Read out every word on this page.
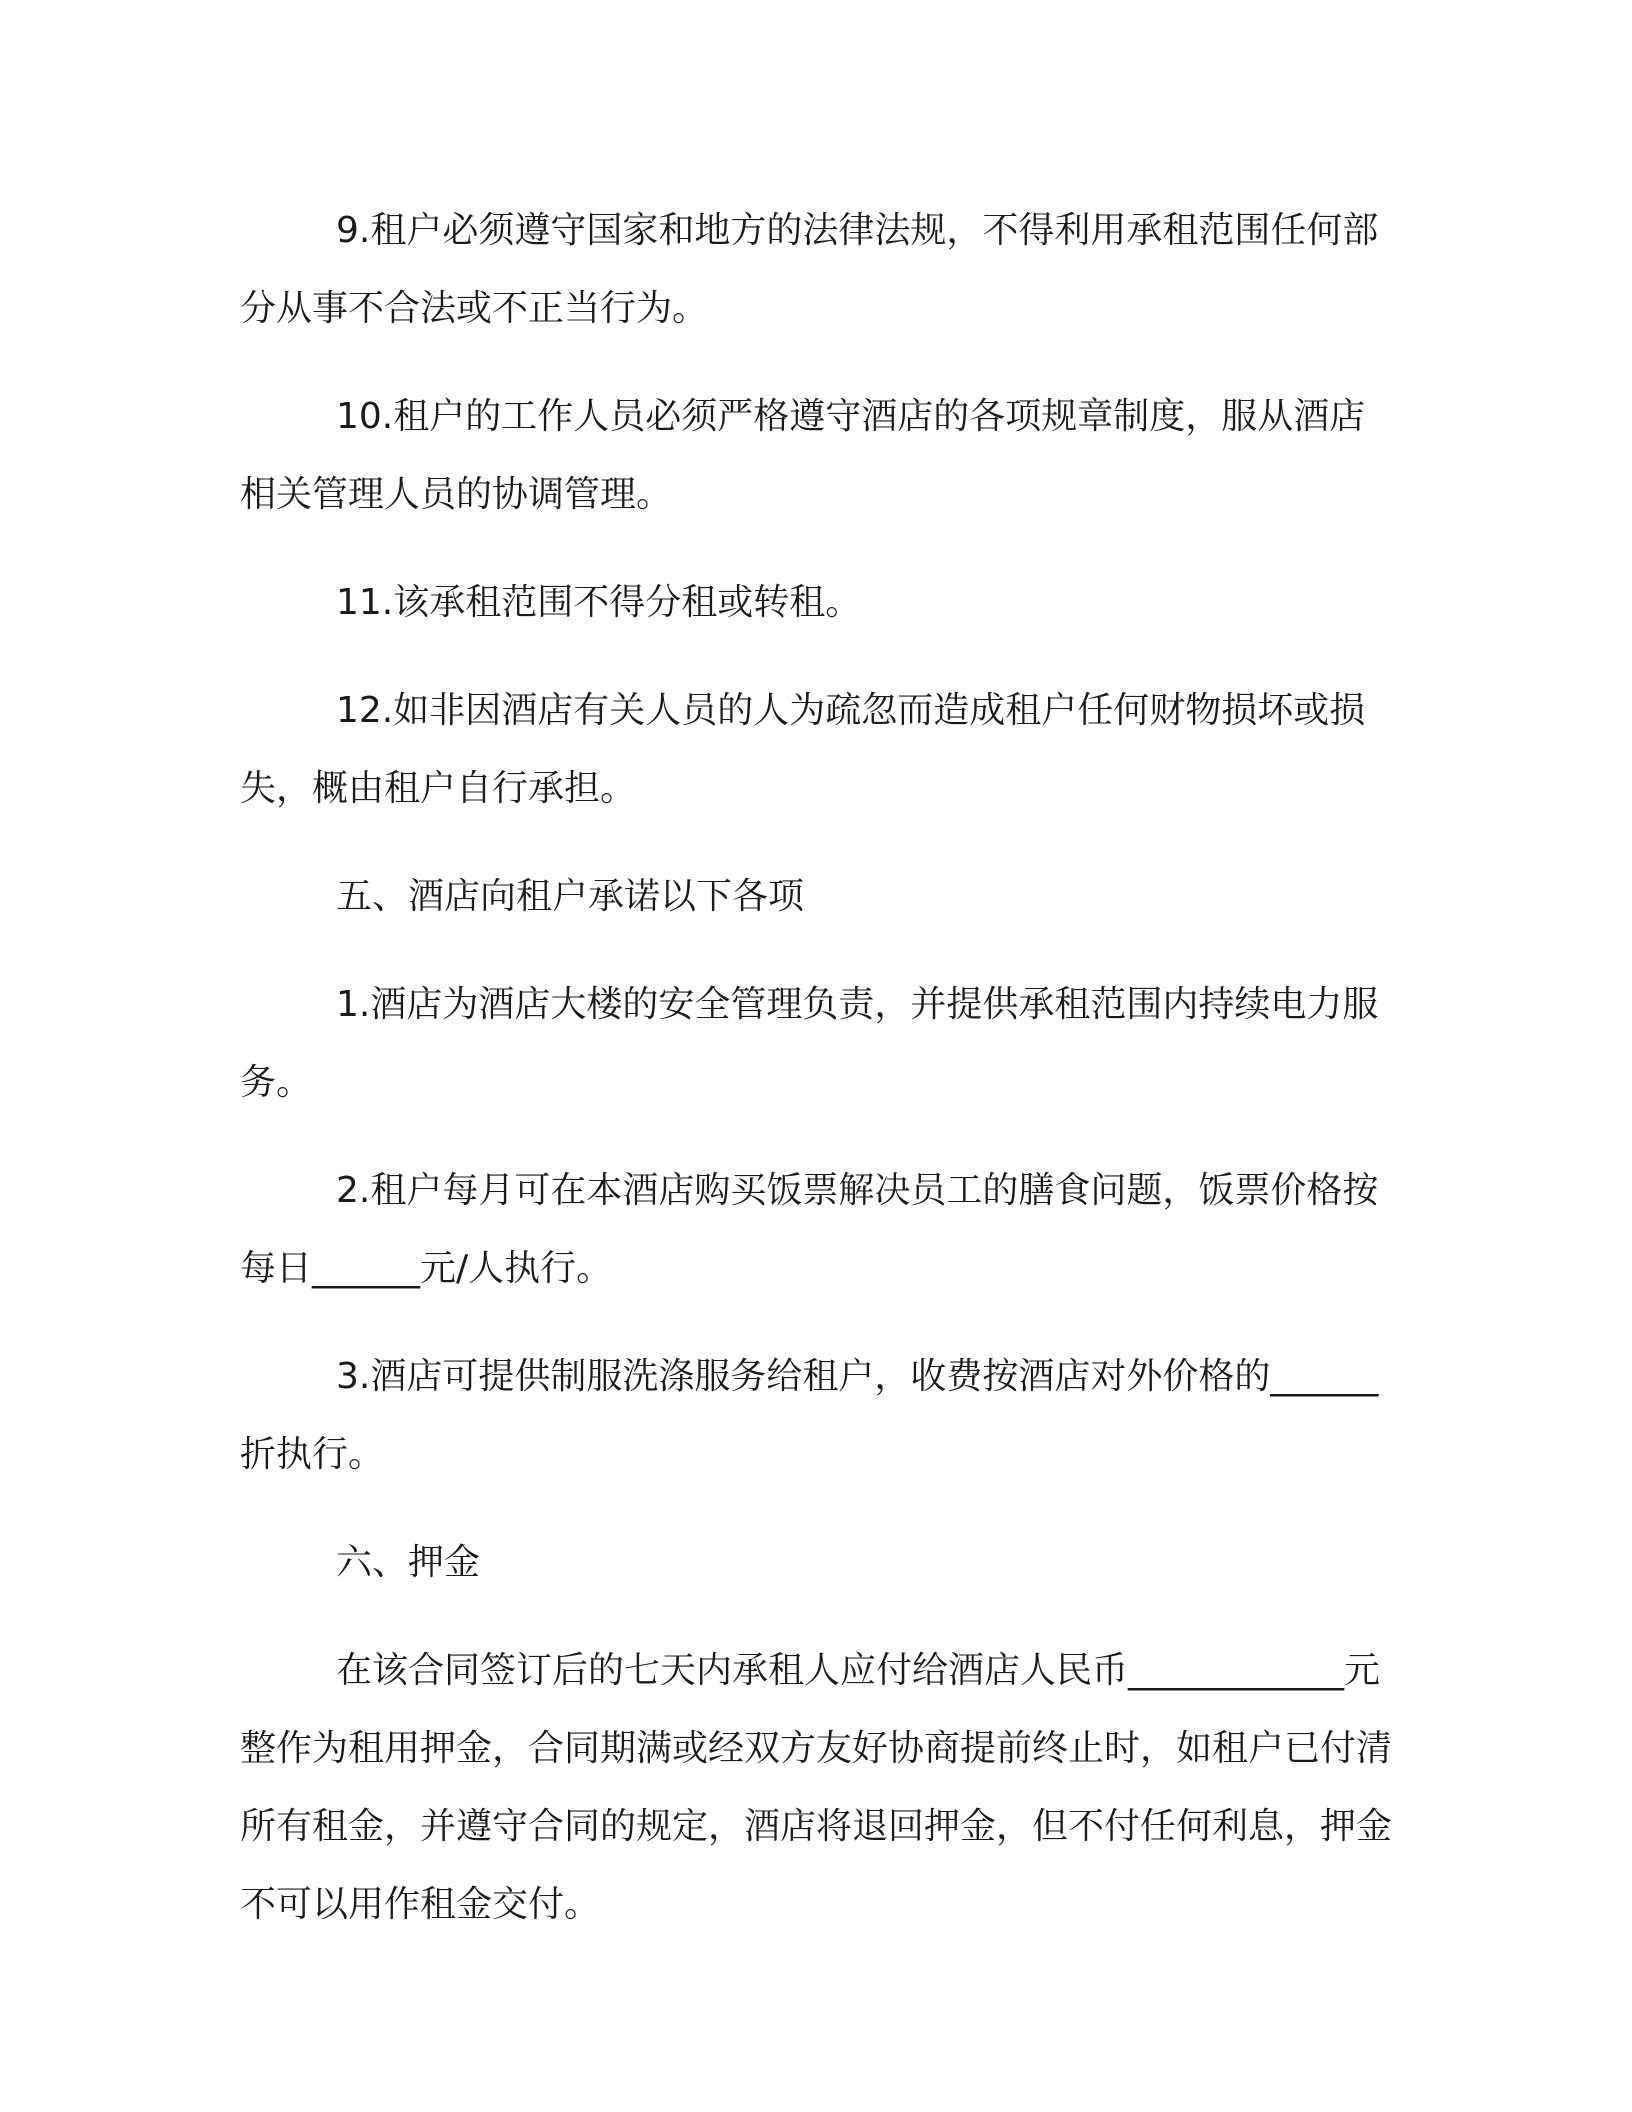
9.租户必须遵守国家和地方的法律法规，不得利用承租范围任何部分从事不合法或不正当行为。

10.租户的工作人员必须严格遵守酒店的各项规章制度，服从酒店相关管理人员的协调管理。

11.该承租范围不得分租或转租。

12.如非因酒店有关人员的人为疏忽而造成租户任何财物损坏或损失，概由租户自行承担。

五、酒店向租户承诺以下各项

1.酒店为酒店大楼的安全管理负责，并提供承租范围内持续电力服务。

2.租户每月可在本酒店购买饭票解决员工的膳食问题，饭票价格按每日______元/人执行。

3.酒店可提供制服洗涤服务给租户，收费按酒店对外价格的______折执行。

六、押金

在该合同签订后的七天内承租人应付给酒店人民币____________元整作为租用押金，合同期满或经双方友好协商提前终止时，如租户已付清所有租金，并遵守合同的规定，酒店将退回押金，但不付任何利息，押金不可以用作租金交付。
